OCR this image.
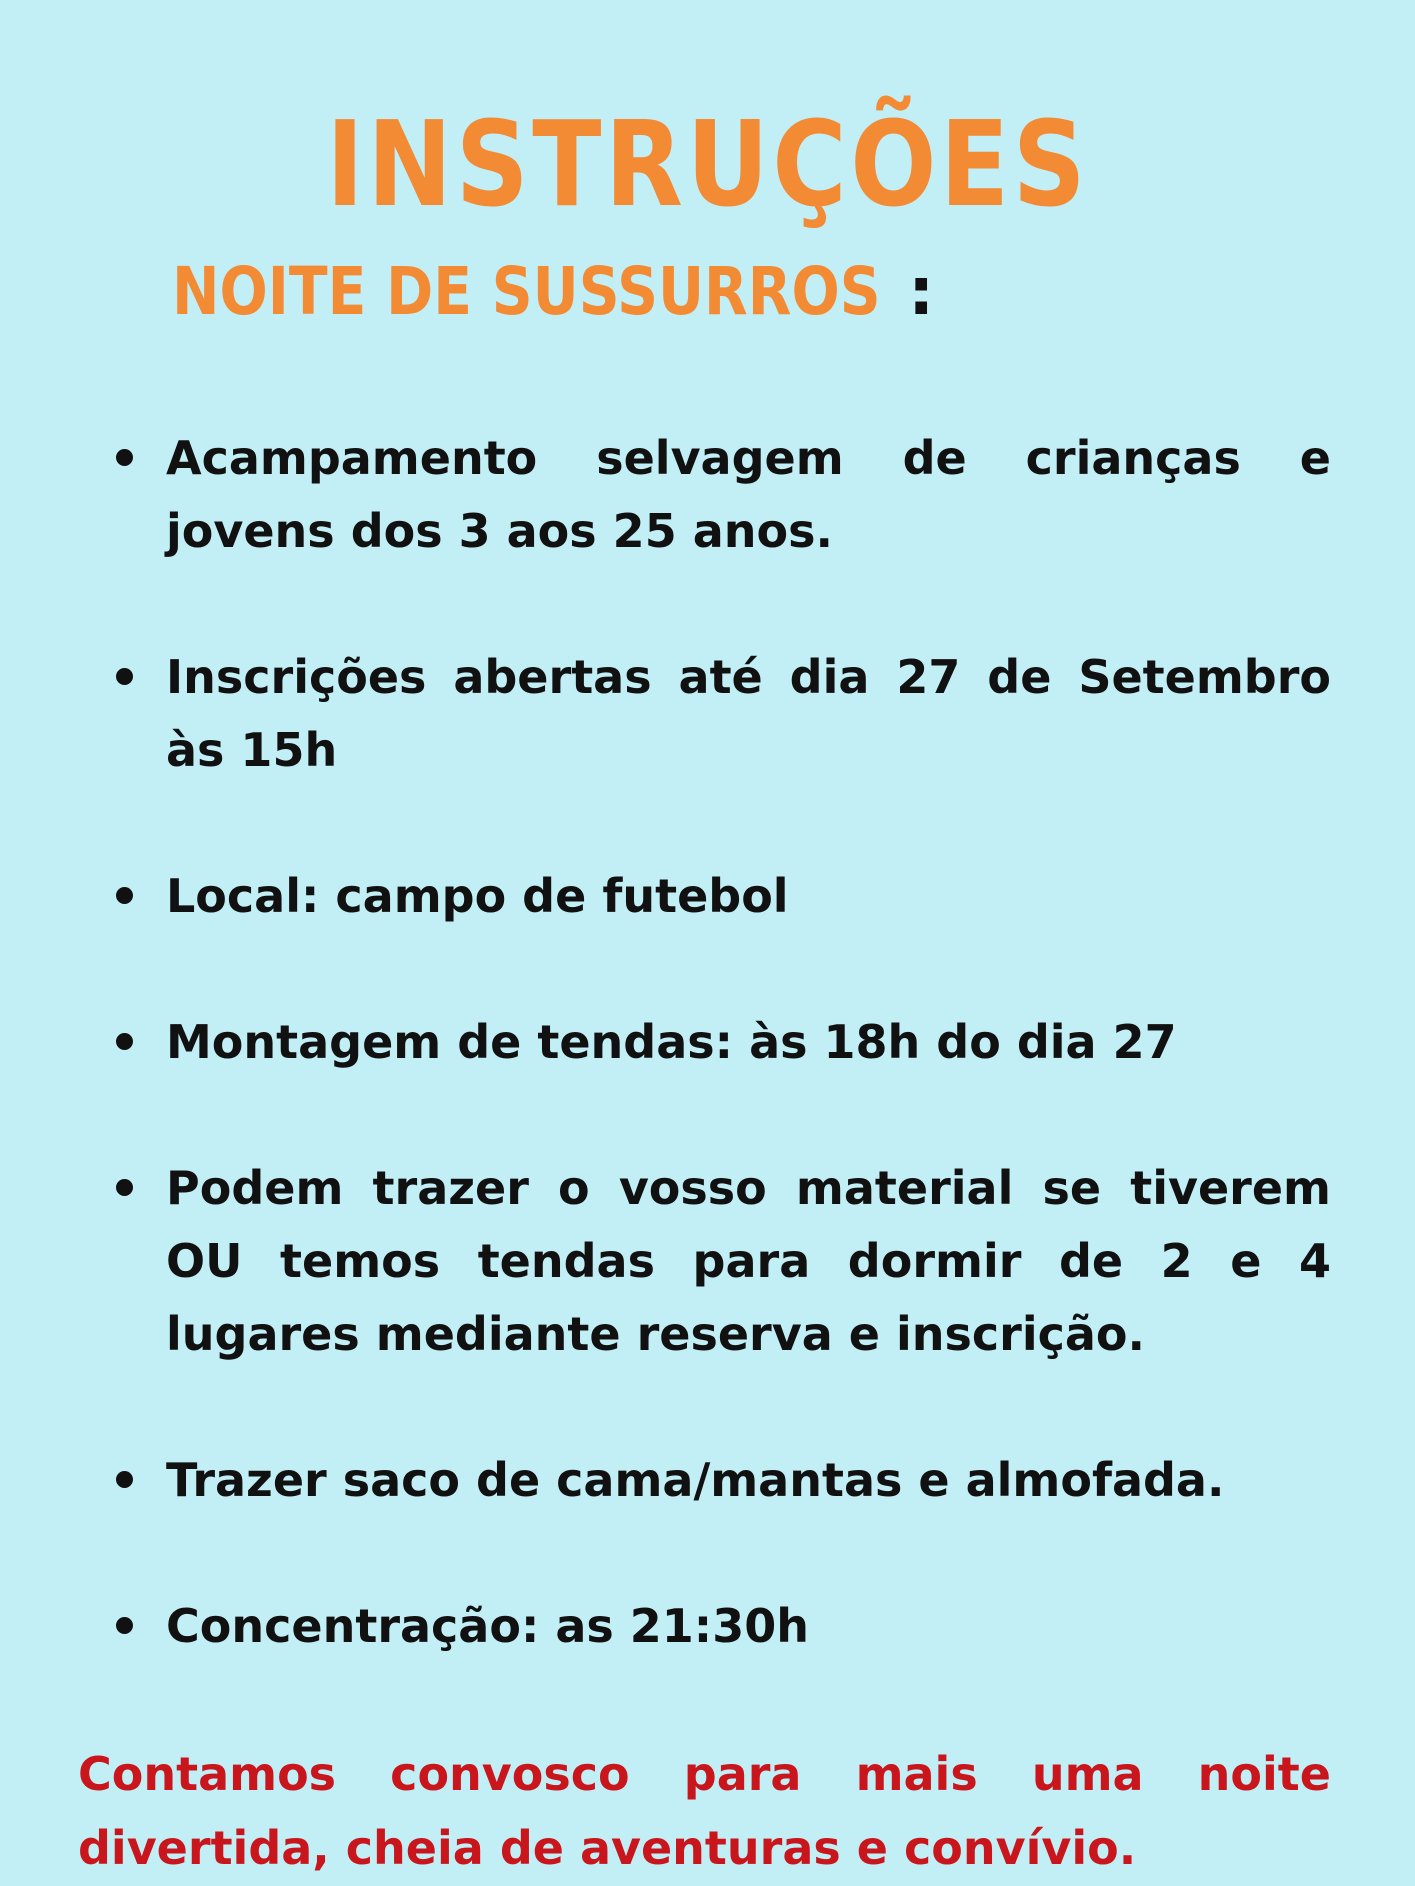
INSTRUÇÕES
NOITE DE SUSSURROS :
Acampamento selvagem de crianças e jovens dos 3 aos 25 anos.
Inscrições abertas até dia 27 de Setembro às 15h
Local: campo de futebol
Montagem de tendas: às 18h do dia 27
Podem trazer o vosso material se tiverem OU temos tendas para dormir de 2 e 4 lugares mediante reserva e inscrição.
Trazer saco de cama/mantas e almofada.
Concentração: as 21:30h

Contamos convosco para mais uma noite divertida, cheia de aventuras e convívio.
